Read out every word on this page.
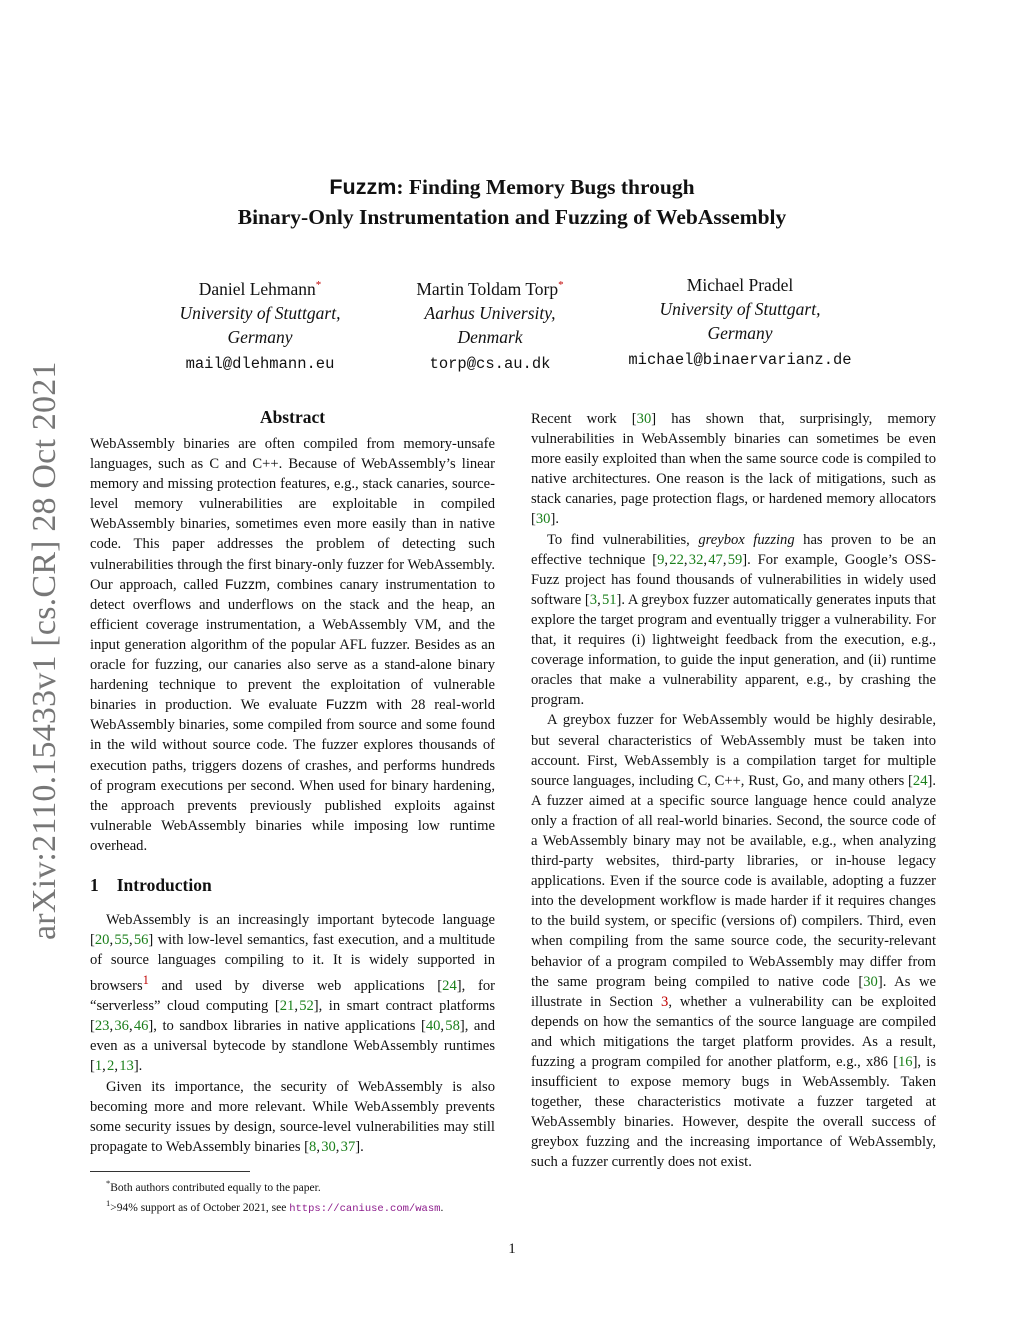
arXiv:2110.15433v1 [cs.CR] 28 Oct 2021
Fuzzm: Finding Memory Bugs through
Binary-Only Instrumentation and Fuzzing of WebAssembly
Daniel Lehmann*
University of Stuttgart,
Germany
mail@dlehmann.eu
Martin Toldam Torp*
Aarhus University,
Denmark
torp@cs.au.dk
Michael Pradel
University of Stuttgart,
Germany
michael@binaervarianz.de
Abstract

WebAssembly binaries are often compiled from memory-unsafe languages, such as C and C++. Because of WebAssembly’s linear memory and missing protection features, e.g., stack canaries, source-level memory vulnerabilities are exploitable in compiled WebAssembly binaries, sometimes even more easily than in native code. This paper addresses the problem of detecting such vulnerabilities through the first binary-only fuzzer for WebAssembly. Our approach, called Fuzzm, combines canary instrumentation to detect overflows and underflows on the stack and the heap, an efficient coverage instrumentation, a WebAssembly VM, and the input generation algorithm of the popular AFL fuzzer. Besides as an oracle for fuzzing, our canaries also serve as a stand-alone binary hardening technique to prevent the exploitation of vulnerable binaries in production. We evaluate Fuzzm with 28 real-world WebAssembly binaries, some compiled from source and some found in the wild without source code. The fuzzer explores thousands of execution paths, triggers dozens of crashes, and performs hundreds of program executions per second. When used for binary hardening, the approach prevents previously published exploits against vulnerable WebAssembly binaries while imposing low runtime overhead.

1 Introduction

WebAssembly is an increasingly important bytecode language [20, 55, 56] with low-level semantics, fast execution, and a multitude of source languages compiling to it. It is widely supported in browsers$^1$ and used by diverse web applications [24], for “serverless” cloud computing [21, 52], in smart contract platforms [23, 36, 46], to sandbox libraries in native applications [40, 58], and even as a universal bytecode by standlone WebAssembly runtimes [1, 2, 13].

Given its importance, the security of WebAssembly is also becoming more and more relevant. While WebAssembly prevents some security issues by design, source-level vulnerabilities may still propagate to WebAssembly binaries [8, 30, 37].

*Both authors contributed equally to the paper.
$^1$>94% support as of October 2021, see https://caniuse.com/wasm.

Recent work [30] has shown that, surprisingly, memory vulnerabilities in WebAssembly binaries can sometimes be even more easily exploited than when the same source code is compiled to native architectures. One reason is the lack of mitigations, such as stack canaries, page protection flags, or hardened memory allocators [30].

To find vulnerabilities, greybox fuzzing has proven to be an effective technique [9, 22, 32, 47, 59]. For example, Google’s OSS-Fuzz project has found thousands of vulnerabilities in widely used software [3, 51]. A greybox fuzzer automatically generates inputs that explore the target program and eventually trigger a vulnerability. For that, it requires (i) lightweight feedback from the execution, e.g., coverage information, to guide the input generation, and (ii) runtime oracles that make a vulnerability apparent, e.g., by crashing the program.

A greybox fuzzer for WebAssembly would be highly desirable, but several characteristics of WebAssembly must be taken into account. First, WebAssembly is a compilation target for multiple source languages, including C, C++, Rust, Go, and many others [24]. A fuzzer aimed at a specific source language hence could analyze only a fraction of all real-world binaries. Second, the source code of a WebAssembly binary may not be available, e.g., when analyzing third-party websites, third-party libraries, or in-house legacy applications. Even if the source code is available, adopting a fuzzer into the development workflow is made harder if it requires changes to the build system, or specific (versions of) compilers. Third, even when compiling from the same source code, the security-relevant behavior of a program compiled to WebAssembly may differ from the same program being compiled to native code [30]. As we illustrate in Section 3, whether a vulnerability can be exploited depends on how the semantics of the source language are compiled and which mitigations the target platform provides. As a result, fuzzing a program compiled for another platform, e.g., x86 [16], is insufficient to expose memory bugs in WebAssembly. Taken together, these characteristics motivate a fuzzer targeted at WebAssembly binaries. However, despite the overall success of greybox fuzzing and the increasing importance of WebAssembly, such a fuzzer currently does not exist.

1
